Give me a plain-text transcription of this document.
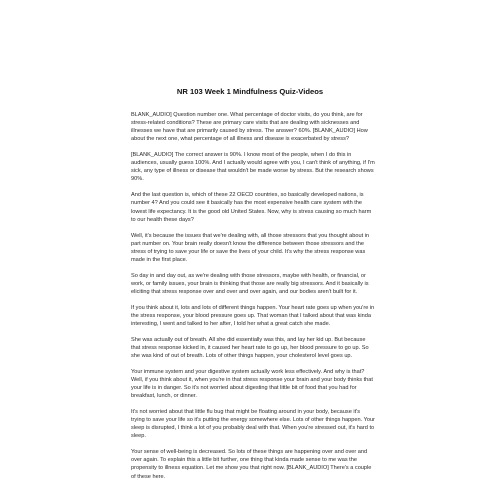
NR 103 Week 1 Mindfulness Quiz-Videos

BLANK_AUDIO] Question number one. What percentage of doctor visits, do you think, are for stress-related conditions? These are primary care visits that are dealing with sicknesses and illnesses we have that are primarily caused by stress. The answer? 60%. [BLANK_AUDIO] How about the next one, what percentage of all illness and disease is exacerbated by stress?

[BLANK_AUDIO] The correct answer is 90%. I know most of the people, when I do this in audiences, usually guess 100%. And I actually would agree with you, I can't think of anything, if I'm sick, any type of illness or disease that wouldn't be made worse by stress. But the research shows 90%.

And the last question is, which of these 22 OECD countries, so basically developed nations, is number 4? And you could see it basically has the most expensive health care system with the lowest life expectancy. It is the good old United States. Now, why is stress causing so much harm to our health these days?

Well, it's because the issues that we're dealing with, all those stressors that you thought about in part number on. Your brain really doesn't know the difference between those stressors and the stress of trying to save your life or save the lives of your child. It's why the stress response was made in the first place.

So day in and day out, as we're dealing with those stressors, maybe with health, or financial, or work, or family issues, your brain is thinking that those are really big stressors. And it basically is eliciting that stress response over and over and over again, and our bodies aren't built for it.

If you think about it, lots and lots of different things happen. Your heart rate goes up when you're in the stress response, your blood pressure goes up. That woman that I talked about that was kinda interesting, I went and talked to her after, I told her what a great catch she made.

She was actually out of breath. All she did essentially was this, and lay her kid up. But because that stress response kicked in, it caused her heart rate to go up, her blood pressure to go up. So she was kind of out of breath. Lots of other things happen, your cholesterol level goes up.

Your immune system and your digestive system actually work less effectively. And why is that? Well, if you think about it, when you're in that stress response your brain and your body thinks that your life is in danger. So it's not worried about digesting that little bit of food that you had for breakfast, lunch, or dinner.

It's not worried about that little flu bug that might be floating around in your body, because it's trying to save your life so it's putting the energy somewhere else. Lots of other things happen. Your sleep is disrupted, I think a lot of you probably deal with that. When you're stressed out, it's hard to sleep.

Your sense of well-being is decreased. So lots of these things are happening over and over and over again. To explain this a little bit further, one thing that kinda made sense to me was the propensity to illness equation. Let me show you that right now. [BLANK_AUDIO] There's a couple of these here.
